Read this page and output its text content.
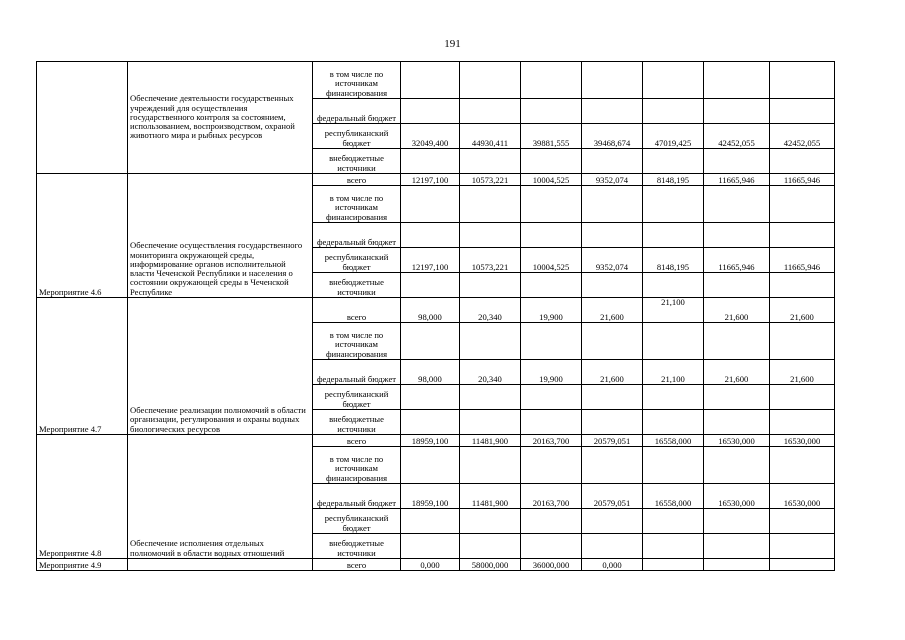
191
	Обеспечение деятельности государственных учреждений для осуществления государственного контроля за состоянием, использованием, воспроизводством, охраной животного мира и рыбных ресурсов	в том числе по источникам финансирования							
		федеральный бюджет							
		республиканский бюджет	32049,400	44930,411	39881,555	39468,674	47019,425	42452,055	42452,055
		внебюджетные источники							
Мероприятие 4.6	Обеспечение осуществления государственного мониторинга окружающей среды, информирование органов исполнительной власти Чеченской Республики и населения о состоянии окружающей среды в Чеченской Республике	всего	12197,100	10573,221	10004,525	9352,074	8148,195	11665,946	11665,946
		в том числе по источникам финансирования							
		федеральный бюджет							
		республиканский бюджет	12197,100	10573,221	10004,525	9352,074	8148,195	11665,946	11665,946
		внебюджетные источники							
Мероприятие 4.7	Обеспечение реализации полномочий в области организации, регулирования и охраны водных биологических ресурсов	всего	98,000	20,340	19,900	21,600	21,100	21,600	21,600
		в том числе по источникам финансирования							
		федеральный бюджет	98,000	20,340	19,900	21,600	21,100	21,600	21,600
		республиканский бюджет							
		внебюджетные источники							
Мероприятие 4.8	Обеспечение исполнения отдельных полномочий в области водных отношений	всего	18959,100	11481,900	20163,700	20579,051	16558,000	16530,000	16530,000
		в том числе по источникам финансирования							
		федеральный бюджет	18959,100	11481,900	20163,700	20579,051	16558,000	16530,000	16530,000
		республиканский бюджет							
		внебюджетные источники							
Мероприятие 4.9		всего	0,000	58000,000	36000,000	0,000			
